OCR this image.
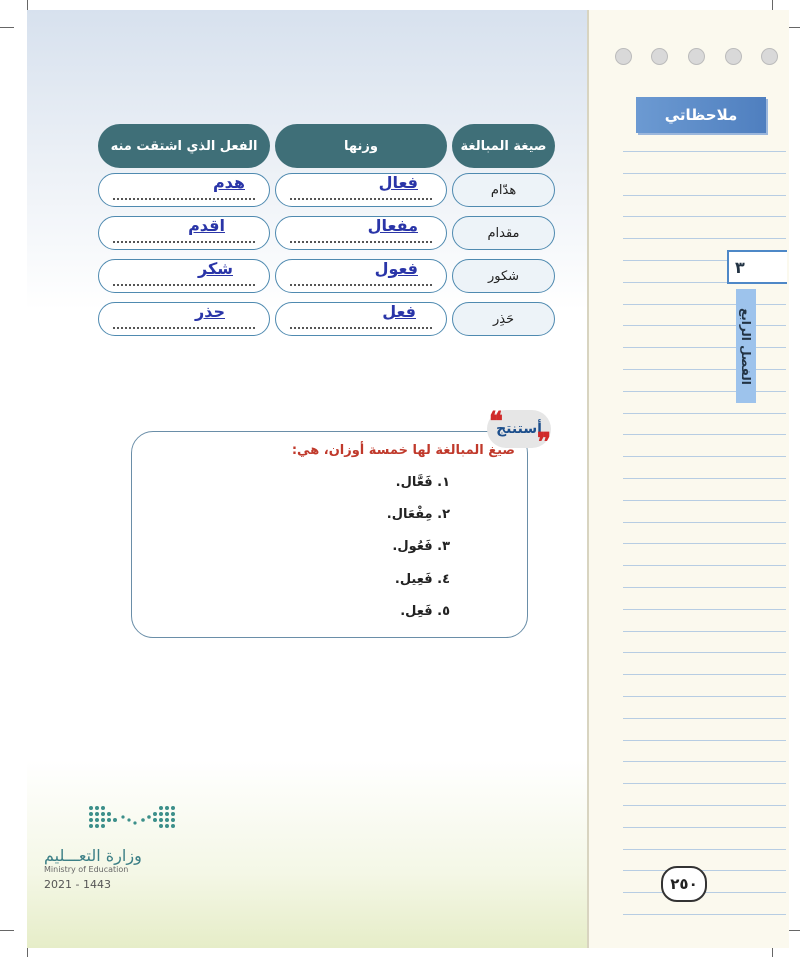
ملاحظاتي
٣
الفصل الرابع
صيغة المبالغة
وزنها
الفعل الذي اشتقت منه
هدّام
فعال
هدم
مقدام
مفعال
اقدم
شكور
فعول
شكر
حَذِر
فعل
حذر
أستنتج
❝
❞
صيغ المبالغة لها خمسة أوزان، هي:
١. فَعَّال.
٢. مِفْعَال.
٣. فَعُول.
٤. فَعِيل.
٥. فَعِل.
وزارة التعـــليم
Ministry of Education
2021 - 1443	٢٥٠
